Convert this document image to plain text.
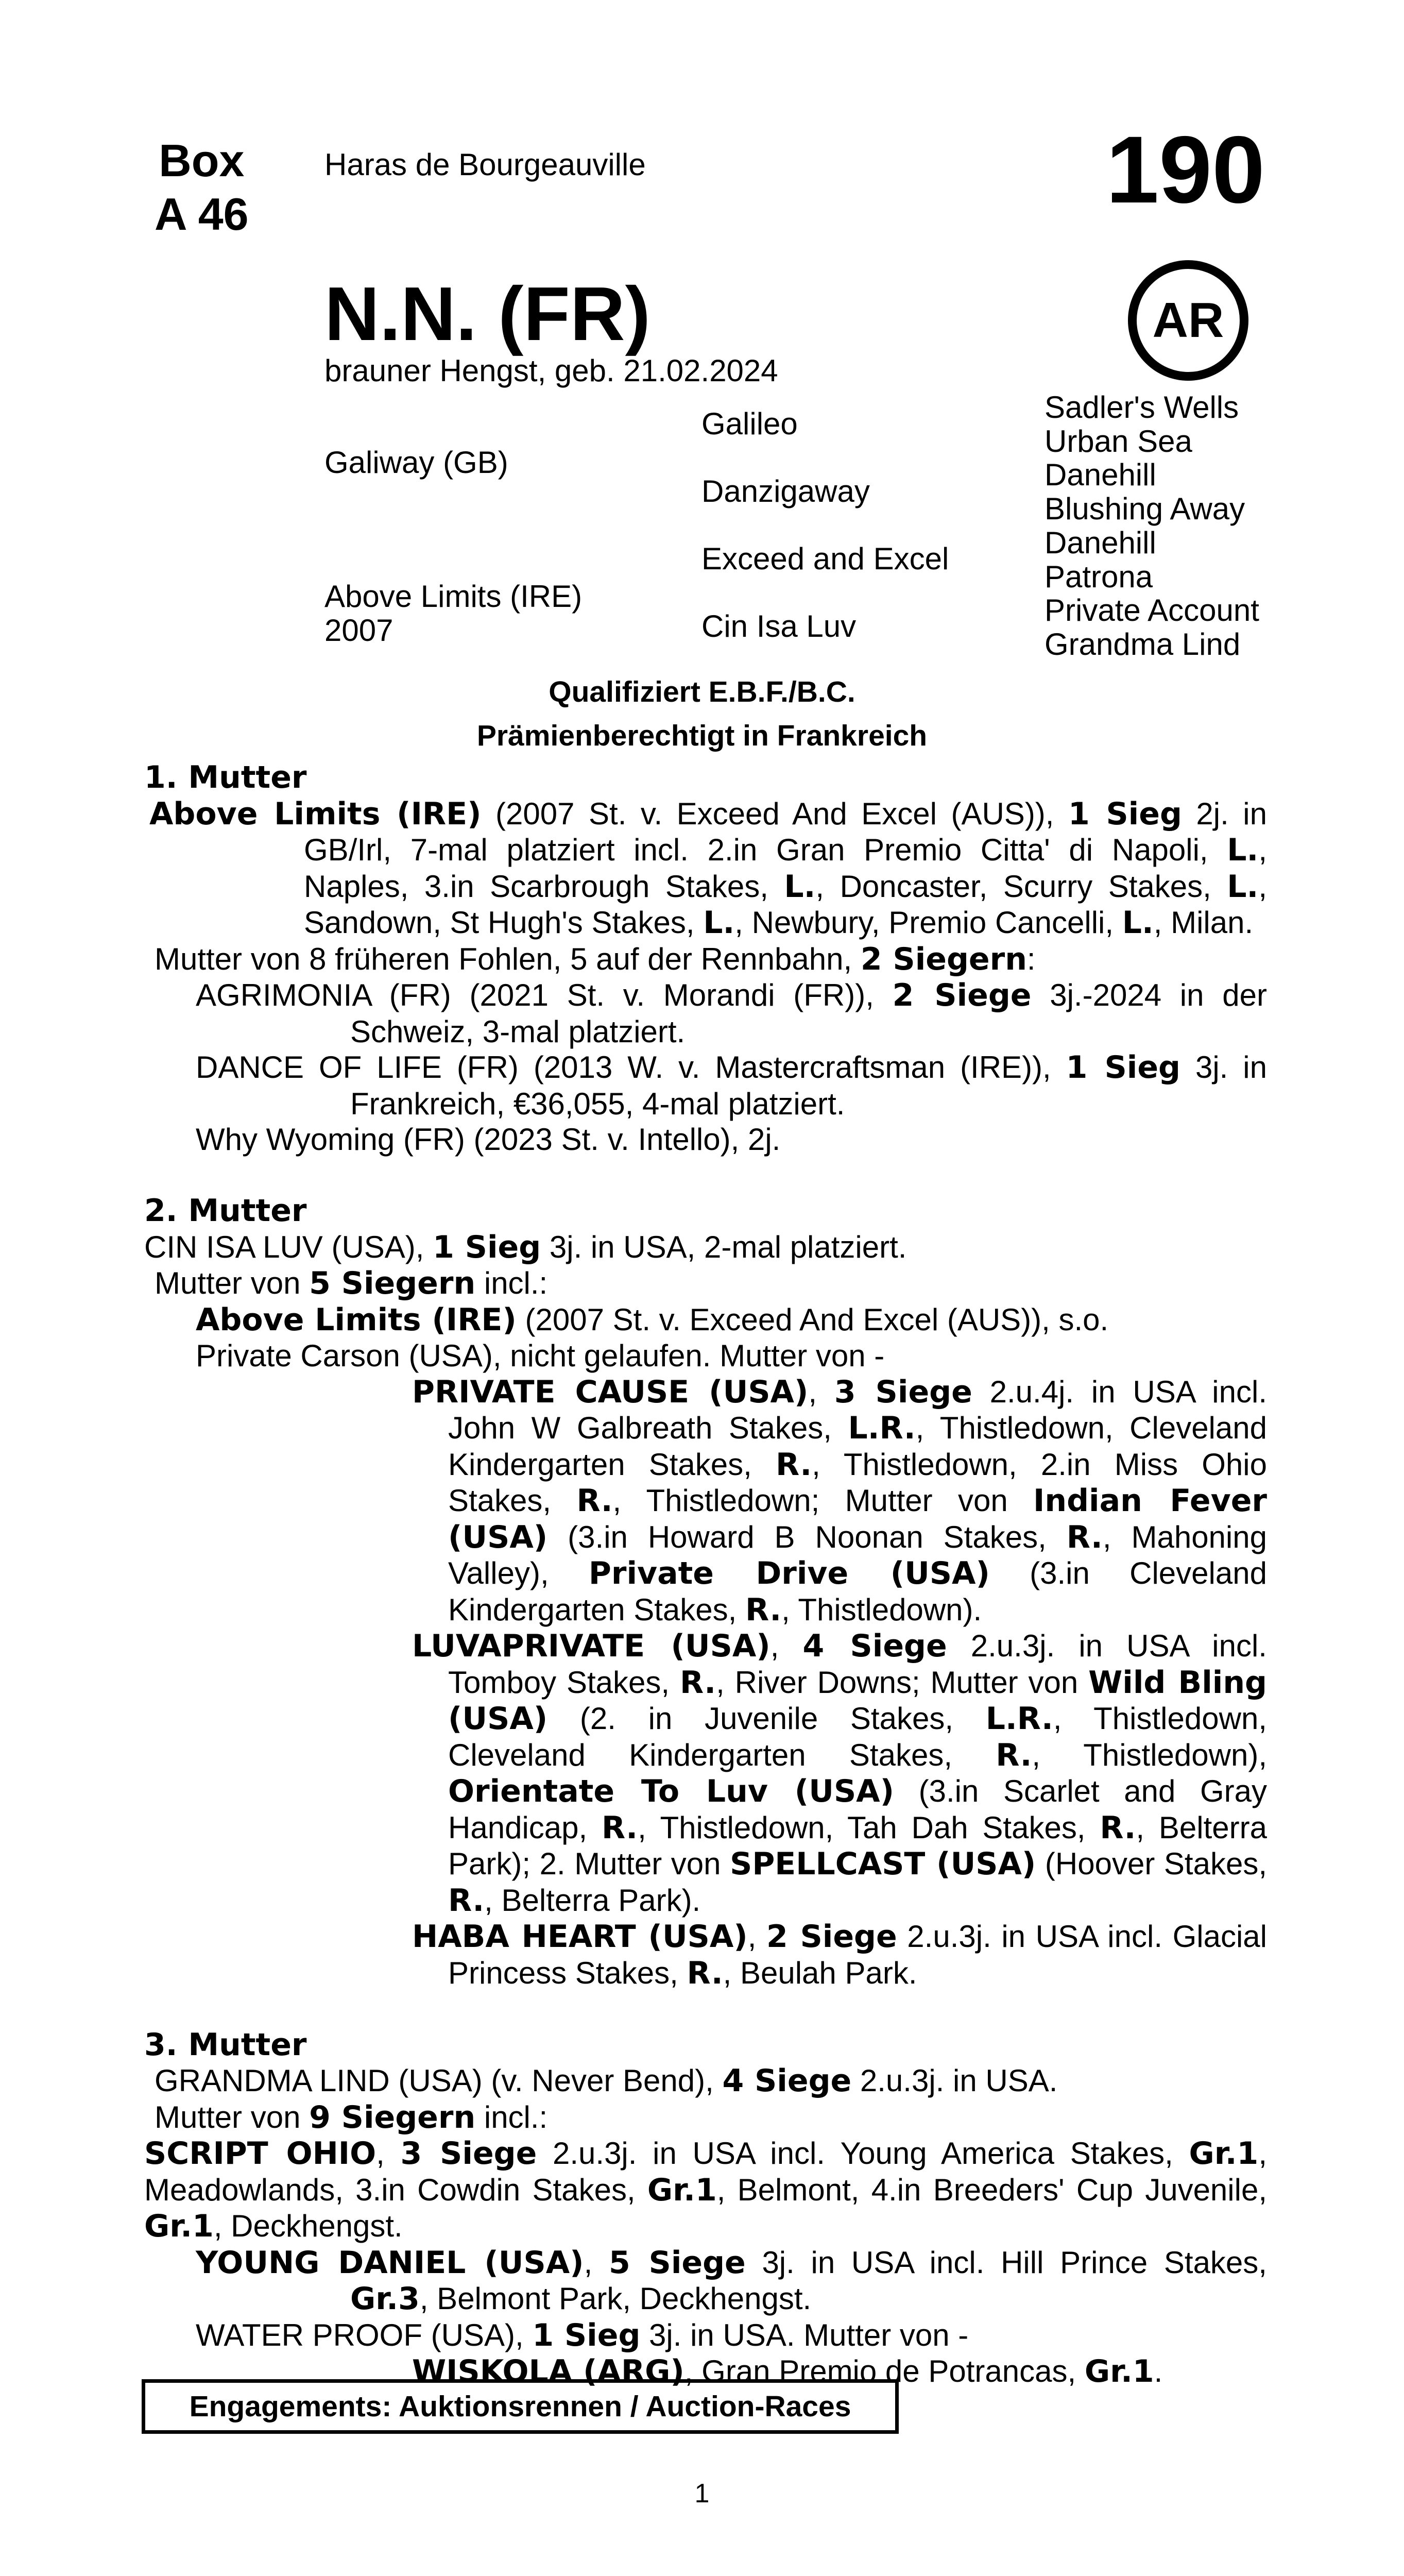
Box
A 46
Haras de Bourgeauville	190
AR
N.N. (FR)
brauner Hengst, geb. 21.02.2024
Galiway (GB)
Above Limits (IRE)
2007
Galileo
Danzigaway
Exceed and Excel
Cin Isa Luv
Sadler's Wells
Urban Sea
Danehill
Blushing Away
Danehill
Patrona
Private Account
Grandma Lind
Qualifiziert E.B.F./B.C.
Prämienberechtigt in Frankreich
1. Mutter
Above Limits (IRE) (2007 St. v. Exceed And Excel (AUS)), 1 Sieg 2j. in GB/Irl, 7-mal platziert incl. 2.in Gran Premio Citta' di Napoli, L., Naples, 3.in Scarbrough Stakes, L., Doncaster, Scurry Stakes, L., Sandown, St Hugh's Stakes, L., Newbury, Premio Cancelli, L., Milan.
Mutter von 8 früheren Fohlen, 5 auf der Rennbahn, 2 Siegern:
AGRIMONIA (FR) (2021 St. v. Morandi (FR)), 2 Siege 3j.-2024 in der Schweiz, 3-mal platziert.
DANCE OF LIFE (FR) (2013 W. v. Mastercraftsman (IRE)), 1 Sieg 3j. in Frankreich, €36,055, 4-mal platziert.
Why Wyoming (FR) (2023 St. v. Intello), 2j.
2. Mutter
CIN ISA LUV (USA), 1 Sieg 3j. in USA, 2-mal platziert.
Mutter von 5 Siegern incl.:
Above Limits (IRE) (2007 St. v. Exceed And Excel (AUS)), s.o.
Private Carson (USA), nicht gelaufen. Mutter von -
PRIVATE CAUSE (USA), 3 Siege 2.u.4j. in USA incl. John W Galbreath Stakes, L.R., Thistledown, Cleveland Kindergarten Stakes, R., Thistledown, 2.in Miss Ohio Stakes, R., Thistledown; Mutter von Indian Fever (USA) (3.in Howard B Noonan Stakes, R., Mahoning Valley), Private Drive (USA) (3.in Cleveland Kindergarten Stakes, R., Thistledown).
LUVAPRIVATE (USA), 4 Siege 2.u.3j. in USA incl. Tomboy Stakes, R., River Downs; Mutter von Wild Bling (USA) (2. in Juvenile Stakes, L.R., Thistledown, Cleveland Kindergarten Stakes, R., Thistledown), Orientate To Luv (USA) (3.in Scarlet and Gray Handicap, R., Thistledown, Tah Dah Stakes, R., Belterra Park); 2. Mutter von SPELLCAST (USA) (Hoover Stakes, R., Belterra Park).
HABA HEART (USA), 2 Siege 2.u.3j. in USA incl. Glacial Princess Stakes, R., Beulah Park.
3. Mutter
GRANDMA LIND (USA) (v. Never Bend), 4 Siege 2.u.3j. in USA.
Mutter von 9 Siegern incl.:
SCRIPT OHIO, 3 Siege 2.u.3j. in USA incl. Young America Stakes, Gr.1, Meadowlands, 3.in Cowdin Stakes, Gr.1, Belmont, 4.in Breeders' Cup Juvenile, Gr.1, Deckhengst.
YOUNG DANIEL (USA), 5 Siege 3j. in USA incl. Hill Prince Stakes, Gr.3, Belmont Park, Deckhengst.
WATER PROOF (USA), 1 Sieg 3j. in USA. Mutter von -
WISKOLA (ARG), Gran Premio de Potrancas, Gr.1.
Engagements: Auktionsrennen / Auction-Races
1
